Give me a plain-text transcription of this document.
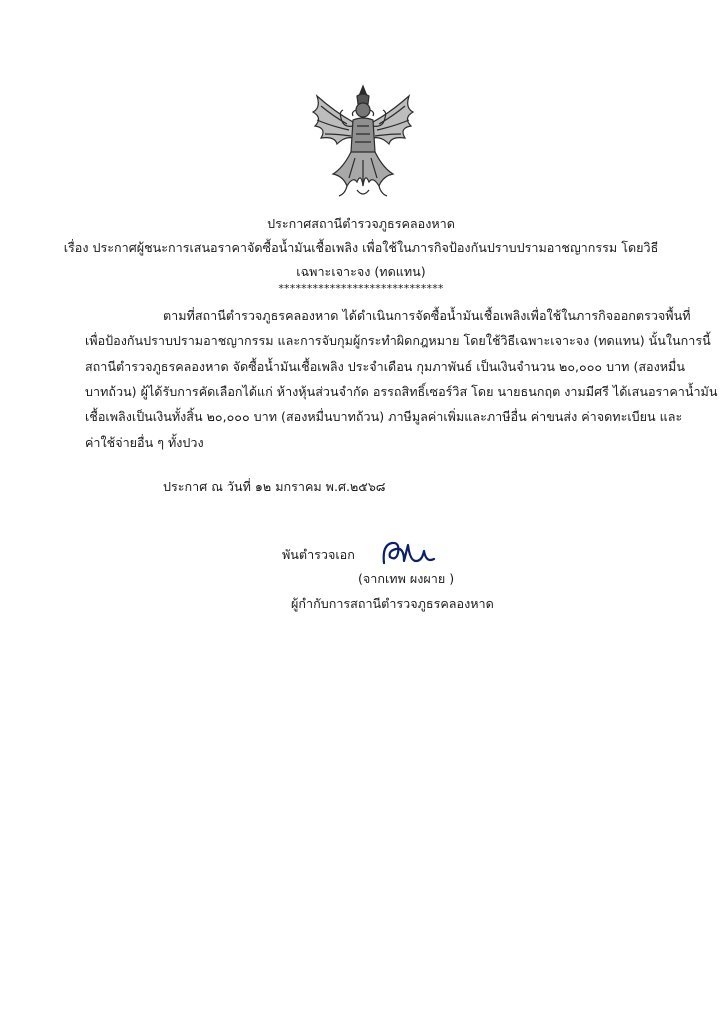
ประกาศสถานีตำรวจภูธรคลองหาด
เรื่อง ประกาศผู้ชนะการเสนอราคาจัดซื้อน้ำมันเชื้อเพลิง เพื่อใช้ในภารกิจป้องกันปราบปรามอาชญากรรม โดยวิธี
เฉพาะเจาะจง (ทดแทน)
*****************************
ตามที่สถานีตำรวจภูธรคลองหาด ได้ดำเนินการจัดซื้อน้ำมันเชื้อเพลิงเพื่อใช้ในภารกิจออกตรวจพื้นที่
เพื่อป้องกันปราบปรามอาชญากรรม และการจับกุมผู้กระทำผิดกฎหมาย โดยใช้วิธีเฉพาะเจาะจง (ทดแทน) นั้นในการนี้
สถานีตำรวจภูธรคลองหาด จัดซื้อน้ำมันเชื้อเพลิง ประจำเดือน กุมภาพันธ์ เป็นเงินจำนวน ๒๐,๐๐๐ บาท (สองหมื่น
บาทถ้วน) ผู้ได้รับการคัดเลือกได้แก่ ห้างหุ้นส่วนจำกัด อรรถสิทธิ์เซอร์วิส โดย นายธนกฤต งามมีศรี ได้เสนอราคาน้ำมัน
เชื้อเพลิงเป็นเงินทั้งสิ้น ๒๐,๐๐๐ บาท (สองหมื่นบาทถ้วน) ภาษีมูลค่าเพิ่มและภาษีอื่น ค่าขนส่ง ค่าจดทะเบียน และ
ค่าใช้จ่ายอื่น ๆ ทั้งปวง
ประกาศ ณ วันที่ ๑๒ มกราคม พ.ศ.๒๕๖๘
พันตำรวจเอก
(จากเทพ ผงผาย )
ผู้กำกับการสถานีตำรวจภูธรคลองหาด
